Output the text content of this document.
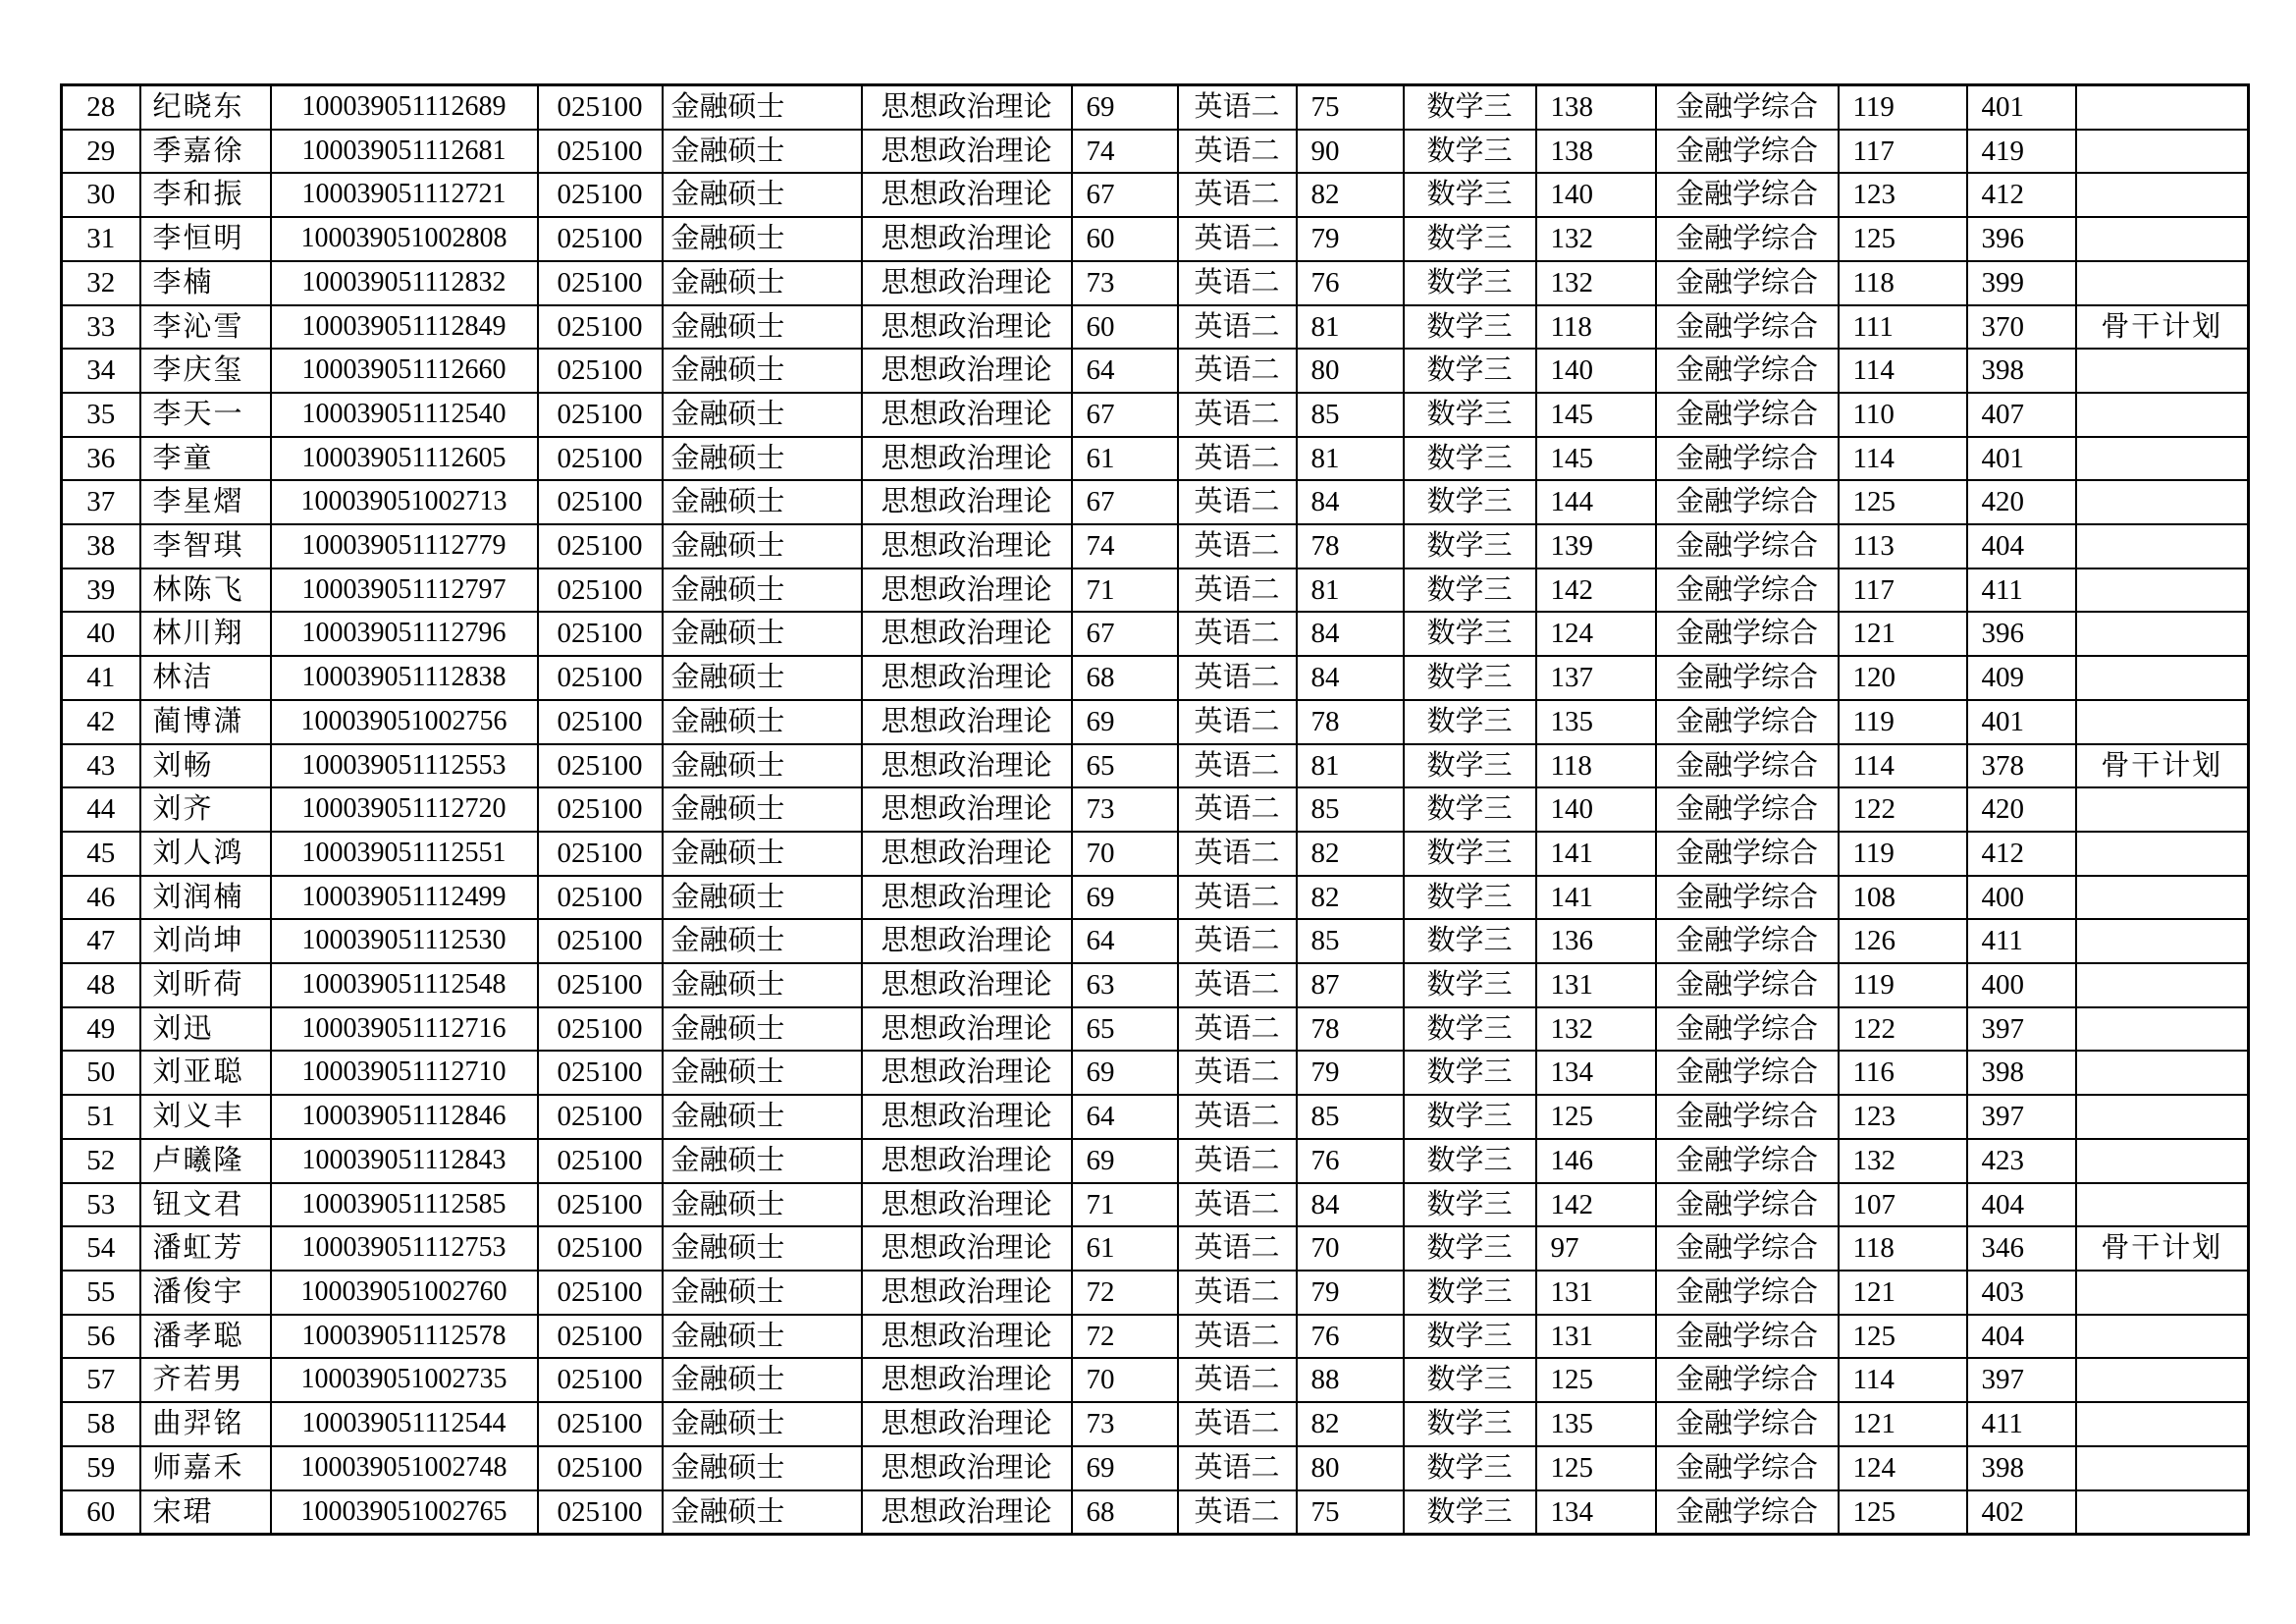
28	纪晓东	100039051112689	025100	金融硕士	思想政治理论	69	英语二	75	数学三	138	金融学综合	119	401	
29	季嘉徐	100039051112681	025100	金融硕士	思想政治理论	74	英语二	90	数学三	138	金融学综合	117	419	
30	李和振	100039051112721	025100	金融硕士	思想政治理论	67	英语二	82	数学三	140	金融学综合	123	412	
31	李恒明	100039051002808	025100	金融硕士	思想政治理论	60	英语二	79	数学三	132	金融学综合	125	396	
32	李楠	100039051112832	025100	金融硕士	思想政治理论	73	英语二	76	数学三	132	金融学综合	118	399	
33	李沁雪	100039051112849	025100	金融硕士	思想政治理论	60	英语二	81	数学三	118	金融学综合	111	370	骨干计划
34	李庆玺	100039051112660	025100	金融硕士	思想政治理论	64	英语二	80	数学三	140	金融学综合	114	398	
35	李天一	100039051112540	025100	金融硕士	思想政治理论	67	英语二	85	数学三	145	金融学综合	110	407	
36	李童	100039051112605	025100	金融硕士	思想政治理论	61	英语二	81	数学三	145	金融学综合	114	401	
37	李星熠	100039051002713	025100	金融硕士	思想政治理论	67	英语二	84	数学三	144	金融学综合	125	420	
38	李智琪	100039051112779	025100	金融硕士	思想政治理论	74	英语二	78	数学三	139	金融学综合	113	404	
39	林陈飞	100039051112797	025100	金融硕士	思想政治理论	71	英语二	81	数学三	142	金融学综合	117	411	
40	林川翔	100039051112796	025100	金融硕士	思想政治理论	67	英语二	84	数学三	124	金融学综合	121	396	
41	林洁	100039051112838	025100	金融硕士	思想政治理论	68	英语二	84	数学三	137	金融学综合	120	409	
42	蔺博潇	100039051002756	025100	金融硕士	思想政治理论	69	英语二	78	数学三	135	金融学综合	119	401	
43	刘畅	100039051112553	025100	金融硕士	思想政治理论	65	英语二	81	数学三	118	金融学综合	114	378	骨干计划
44	刘齐	100039051112720	025100	金融硕士	思想政治理论	73	英语二	85	数学三	140	金融学综合	122	420	
45	刘人鸿	100039051112551	025100	金融硕士	思想政治理论	70	英语二	82	数学三	141	金融学综合	119	412	
46	刘润楠	100039051112499	025100	金融硕士	思想政治理论	69	英语二	82	数学三	141	金融学综合	108	400	
47	刘尚坤	100039051112530	025100	金融硕士	思想政治理论	64	英语二	85	数学三	136	金融学综合	126	411	
48	刘昕荷	100039051112548	025100	金融硕士	思想政治理论	63	英语二	87	数学三	131	金融学综合	119	400	
49	刘迅	100039051112716	025100	金融硕士	思想政治理论	65	英语二	78	数学三	132	金融学综合	122	397	
50	刘亚聪	100039051112710	025100	金融硕士	思想政治理论	69	英语二	79	数学三	134	金融学综合	116	398	
51	刘义丰	100039051112846	025100	金融硕士	思想政治理论	64	英语二	85	数学三	125	金融学综合	123	397	
52	卢曦隆	100039051112843	025100	金融硕士	思想政治理论	69	英语二	76	数学三	146	金融学综合	132	423	
53	钮文君	100039051112585	025100	金融硕士	思想政治理论	71	英语二	84	数学三	142	金融学综合	107	404	
54	潘虹芳	100039051112753	025100	金融硕士	思想政治理论	61	英语二	70	数学三	97	金融学综合	118	346	骨干计划
55	潘俊宇	100039051002760	025100	金融硕士	思想政治理论	72	英语二	79	数学三	131	金融学综合	121	403	
56	潘孝聪	100039051112578	025100	金融硕士	思想政治理论	72	英语二	76	数学三	131	金融学综合	125	404	
57	齐若男	100039051002735	025100	金融硕士	思想政治理论	70	英语二	88	数学三	125	金融学综合	114	397	
58	曲羿铭	100039051112544	025100	金融硕士	思想政治理论	73	英语二	82	数学三	135	金融学综合	121	411	
59	师嘉禾	100039051002748	025100	金融硕士	思想政治理论	69	英语二	80	数学三	125	金融学综合	124	398	
60	宋珺	100039051002765	025100	金融硕士	思想政治理论	68	英语二	75	数学三	134	金融学综合	125	402	
